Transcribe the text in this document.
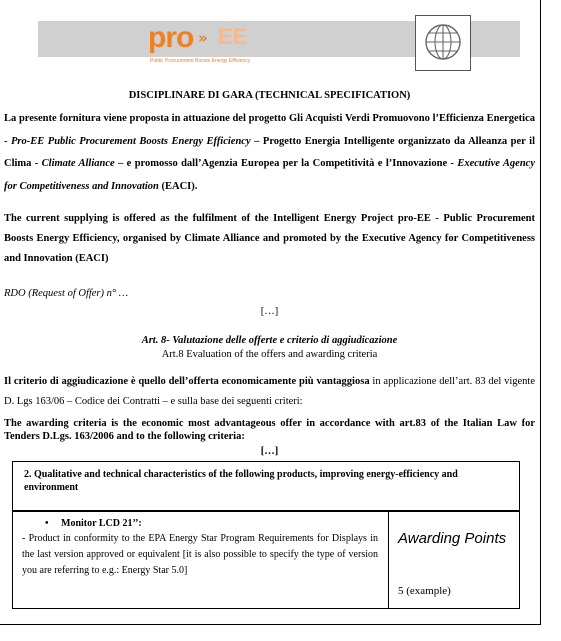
pro » EE
Public Procurement Boosts Energy Efficiency
DISCIPLINARE DI GARA (TECHNICAL SPECIFICATION)
La presente fornitura viene proposta in attuazione del progetto Gli Acquisti Verdi Promuovono l’Efficienza Energetica - Pro-EE Public Procurement Boosts Energy Efficiency – Progetto Energia Intelligente organizzato da Alleanza per il Clima - Climate Alliance – e promosso dall’Agenzia Europea per la Competitività e l’Innovazione - Executive Agency for Competitiveness and Innovation (EACI).
The current supplying is offered as the fulfilment of the Intelligent Energy Project pro-EE - Public Procurement Boosts Energy Efficiency, organised by Climate Alliance and promoted by the Executive Agency for Competitiveness and Innovation (EACI)
RDO (Request of Offer) n° …
[…]
Art. 8- Valutazione delle offerte e criterio di aggiudicazione
Art.8 Evaluation of the offers and awarding criteria
Il criterio di aggiudicazione è quello dell’offerta economicamente più vantaggiosa in applicazione dell’art. 83 del vigente D. Lgs 163/06 – Codice dei Contratti – e sulla base dei seguenti criteri:
The awarding criteria is the economic most advantageous offer in accordance with art.83 of the Italian Law for Tenders D.Lgs. 163/2006 and to the following criteria:
[…]
2. Qualitative and technical characteristics of the following products, improving energy-efficiency and environment
• Monitor LCD 21’’:
- Product in conformity to the EPA Energy Star Program Requirements for Displays in the last version approved or equivalent [it is also possible to specify the type of version you are referring to e.g.: Energy Star 5.0]
Awarding Points
5 (example)
